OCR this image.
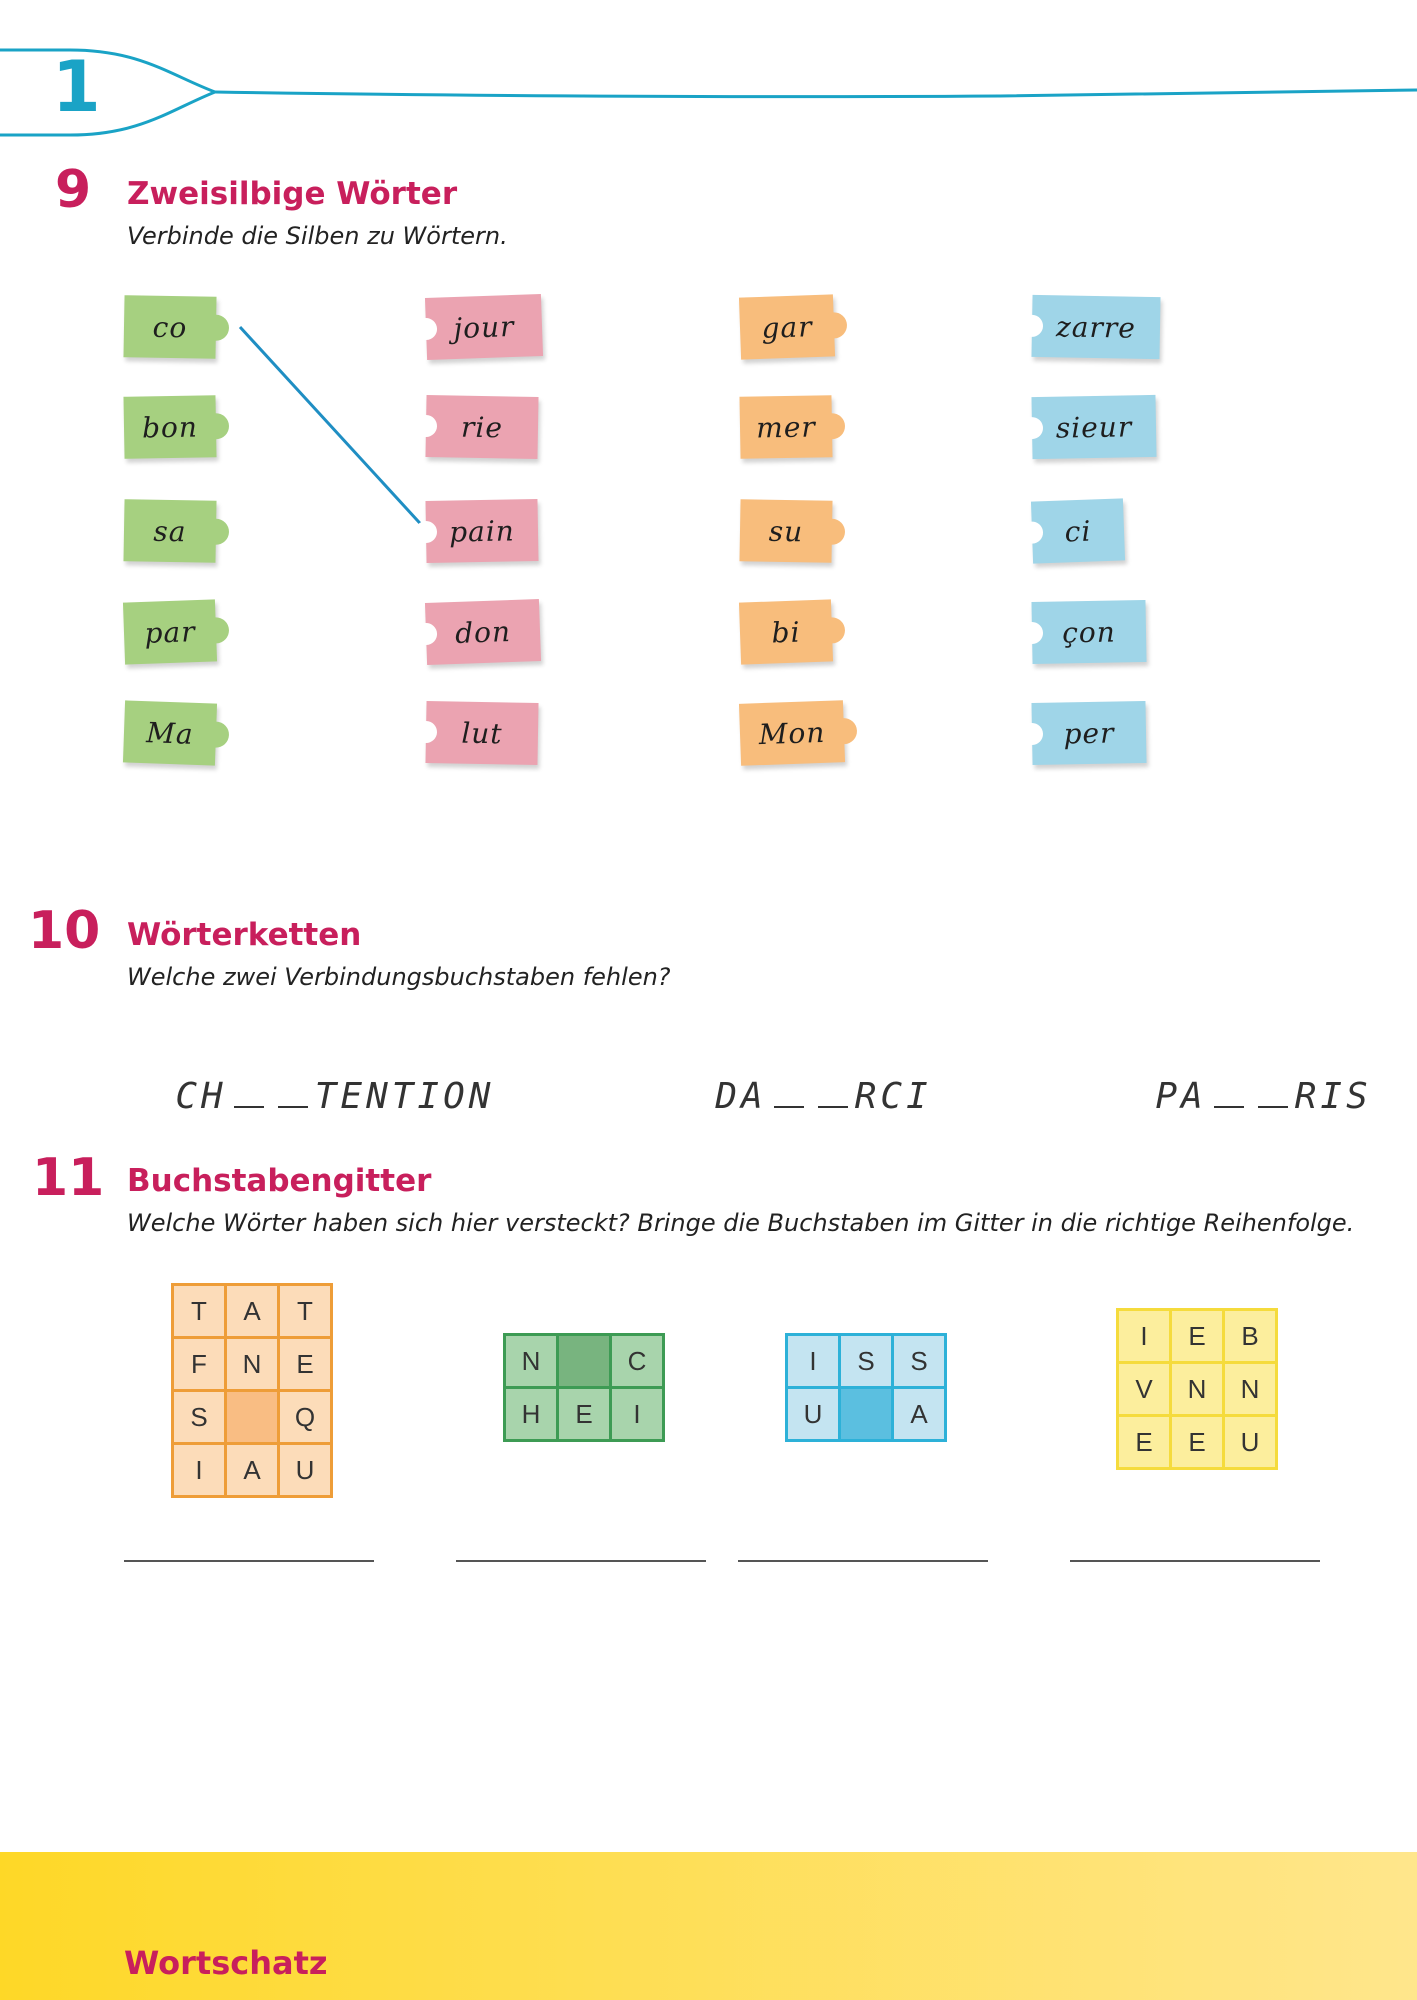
1
9 Zweisilbige Wörter
Verbinde die Silben zu Wörtern.
co
bon
sa
par
Ma
jour
rie
pain
don
lut
gar
mer
su
bi
Mon
zarre
sieur
ci
çon
per
10 Wörterketten
Welche zwei Verbindungsbuchstaben fehlen?

CH TENTION	DA RCI	PA RIS

11 Buchstabengitter
Welche Wörter haben sich hier versteckt? Bringe die Buchstaben im Gitter in die richtige Reihenfolge.
T	A	T
F	N	E
S		Q
I	A	U
N		C
H	E	I
I	S	S
U		A
I	E	B
V	N	N
E	E	U
Wortschatz
